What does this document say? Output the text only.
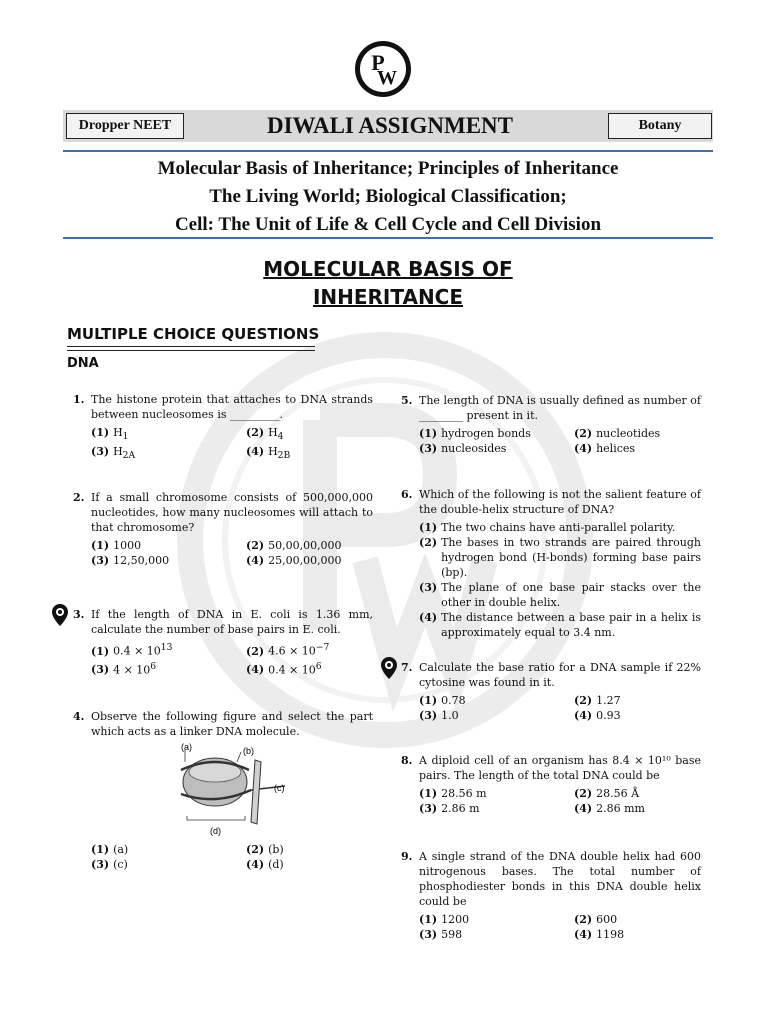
P
W
Dropper NEET	DIWALI ASSIGNMENT	Botany
Molecular Basis of Inheritance; Principles of Inheritance
The Living World; Biological Classification;
Cell: The Unit of Life & Cell Cycle and Cell Division
MOLECULAR BASIS OF
INHERITANCE
MULTIPLE CHOICE QUESTIONS
DNA
1. The histone protein that attaches to DNA strands between nucleosomes is _________.
(1) $H_1$	(2) $H_4$
(3) $H_{2A}$	(4) $H_{2B}$
2. If a small chromosome consists of 500,000,000 nucleotides, how many nucleosomes will attach to that chromosome?
(1) 1000	(2) 50,00,00,000
(3) 12,50,000	(4) 25,00,00,000
3. If the length of DNA in E. coli is 1.36 mm, calculate the number of base pairs in E. coli.
(1) $0.4 \times 10^{13}$	(2) $4.6 \times 10^{-7}$
(3) $4 \times 10^6$	(4) $0.4 \times 10^6$
4. Observe the following figure and select the part which acts as a linker DNA molecule.
(a)	(b)
(c)
(d)
(1) (a)	(2) (b)
(3) (c)	(4) (d)
5. The length of DNA is usually defined as number of ________ present in it.
(1) hydrogen bonds	(2) nucleotides
(3) nucleosides	(4) helices
6. Which of the following is not the salient feature of the double-helix structure of DNA?
(1) The two chains have anti-parallel polarity.
(2) The bases in two strands are paired through hydrogen bond (H-bonds) forming base pairs (bp).
(3) The plane of one base pair stacks over the other in double helix.
(4) The distance between a base pair in a helix is approximately equal to 3.4 nm.
7. Calculate the base ratio for a DNA sample if 22% cytosine was found in it.
(1) 0.78	(2) 1.27
(3) 1.0	(4) 0.93
8. A diploid cell of an organism has 8.4 × 10¹⁰ base pairs. The length of the total DNA could be
(1) 28.56 m	(2) 28.56 Å
(3) 2.86 m	(4) 2.86 mm
9. A single strand of the DNA double helix had 600 nitrogenous bases. The total number of phosphodiester bonds in this DNA double helix could be
(1) 1200	(2) 600
(3) 598	(4) 1198
